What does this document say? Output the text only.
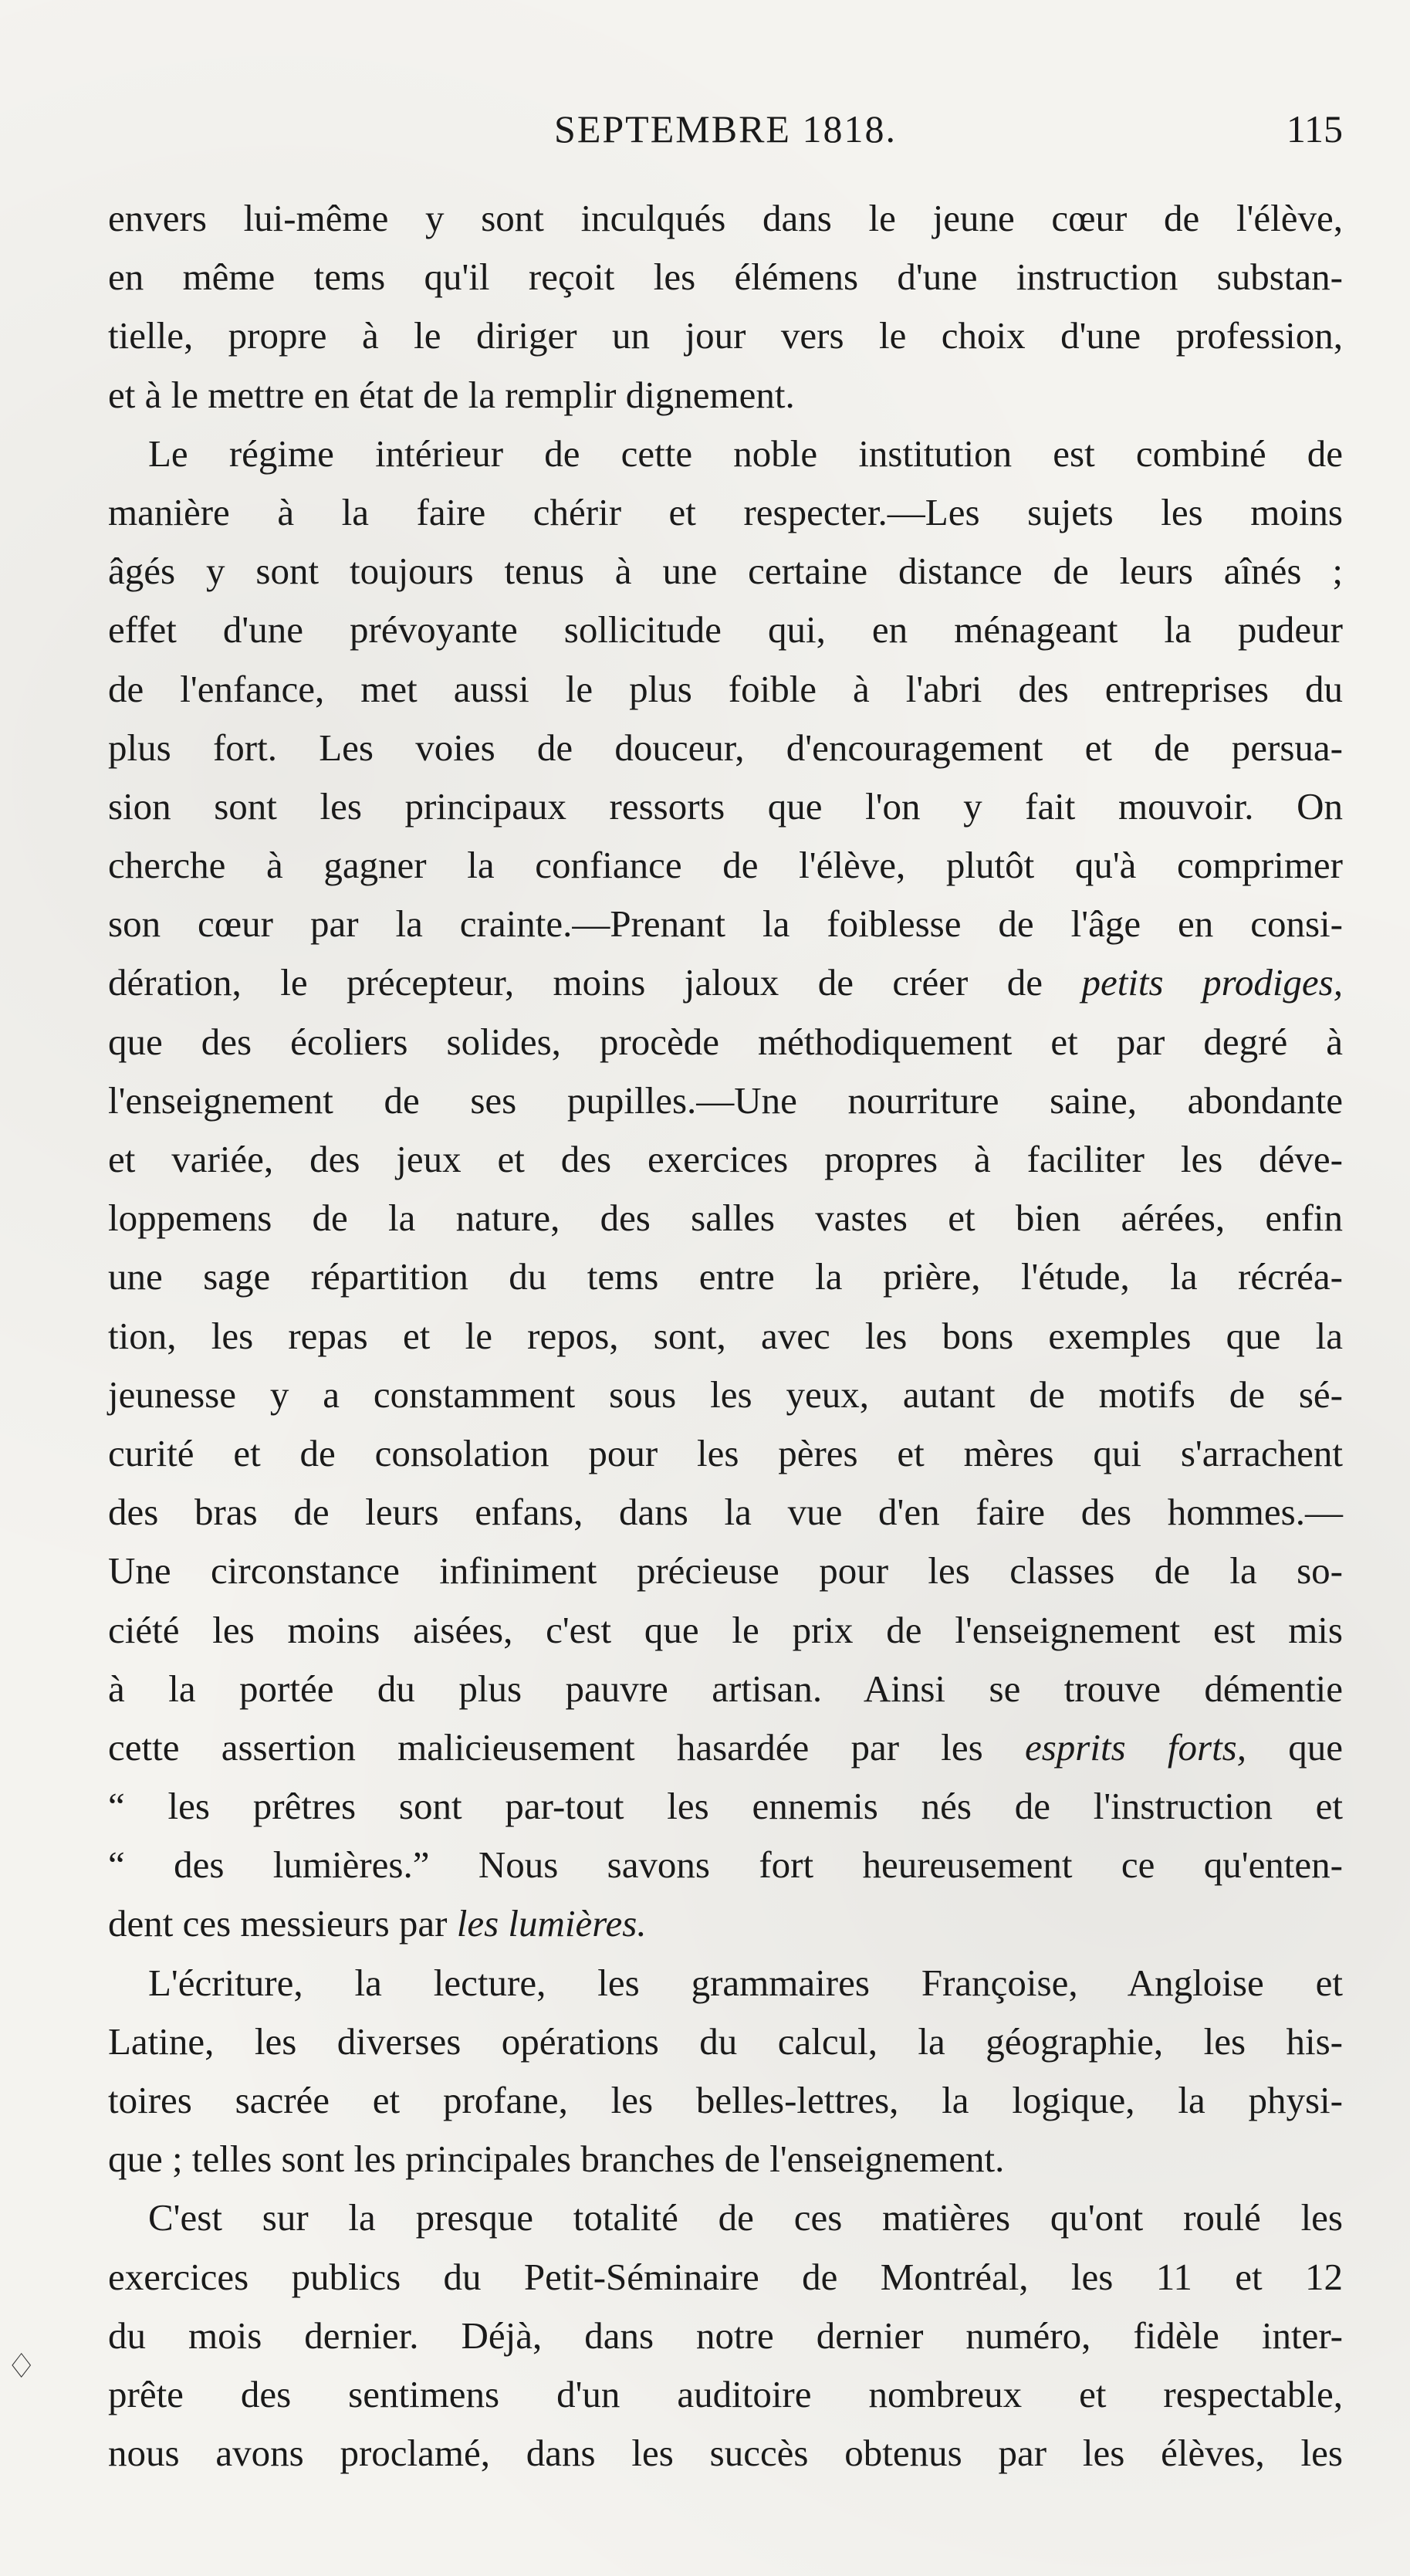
SEPTEMBRE 1818.	115
envers lui-même y sont inculqués dans le jeune cœur de l'élève,
en même tems qu'il reçoit les élémens d'une instruction substan-
tielle, propre à le diriger un jour vers le choix d'une profession,
et à le mettre en état de la remplir dignement.
Le régime intérieur de cette noble institution est combiné de
manière à la faire chérir et respecter.—Les sujets les moins
âgés y sont toujours tenus à une certaine distance de leurs aînés ;
effet d'une prévoyante sollicitude qui, en ménageant la pudeur
de l'enfance, met aussi le plus foible à l'abri des entreprises du
plus fort. Les voies de douceur, d'encouragement et de persua-
sion sont les principaux ressorts que l'on y fait mouvoir. On
cherche à gagner la confiance de l'élève, plutôt qu'à comprimer
son cœur par la crainte.—Prenant la foiblesse de l'âge en consi-
dération, le précepteur, moins jaloux de créer de petits prodiges,
que des écoliers solides, procède méthodiquement et par degré à
l'enseignement de ses pupilles.—Une nourriture saine, abondante
et variée, des jeux et des exercices propres à faciliter les déve-
loppemens de la nature, des salles vastes et bien aérées, enfin
une sage répartition du tems entre la prière, l'étude, la récréa-
tion, les repas et le repos, sont, avec les bons exemples que la
jeunesse y a constamment sous les yeux, autant de motifs de sé-
curité et de consolation pour les pères et mères qui s'arrachent
des bras de leurs enfans, dans la vue d'en faire des hommes.—
Une circonstance infiniment précieuse pour les classes de la so-
ciété les moins aisées, c'est que le prix de l'enseignement est mis
à la portée du plus pauvre artisan. Ainsi se trouve démentie
cette assertion malicieusement hasardée par les esprits forts, que
“ les prêtres sont par-tout les ennemis nés de l'instruction et
“ des lumières.” Nous savons fort heureusement ce qu'enten-
dent ces messieurs par les lumières.
L'écriture, la lecture, les grammaires Françoise, Angloise et
Latine, les diverses opérations du calcul, la géographie, les his-
toires sacrée et profane, les belles-lettres, la logique, la physi-
que ; telles sont les principales branches de l'enseignement.
C'est sur la presque totalité de ces matières qu'ont roulé les
exercices publics du Petit-Séminaire de Montréal, les 11 et 12
du mois dernier. Déjà, dans notre dernier numéro, fidèle inter-
prête des sentimens d'un auditoire nombreux et respectable,
nous avons proclamé, dans les succès obtenus par les élèves, les
♢
